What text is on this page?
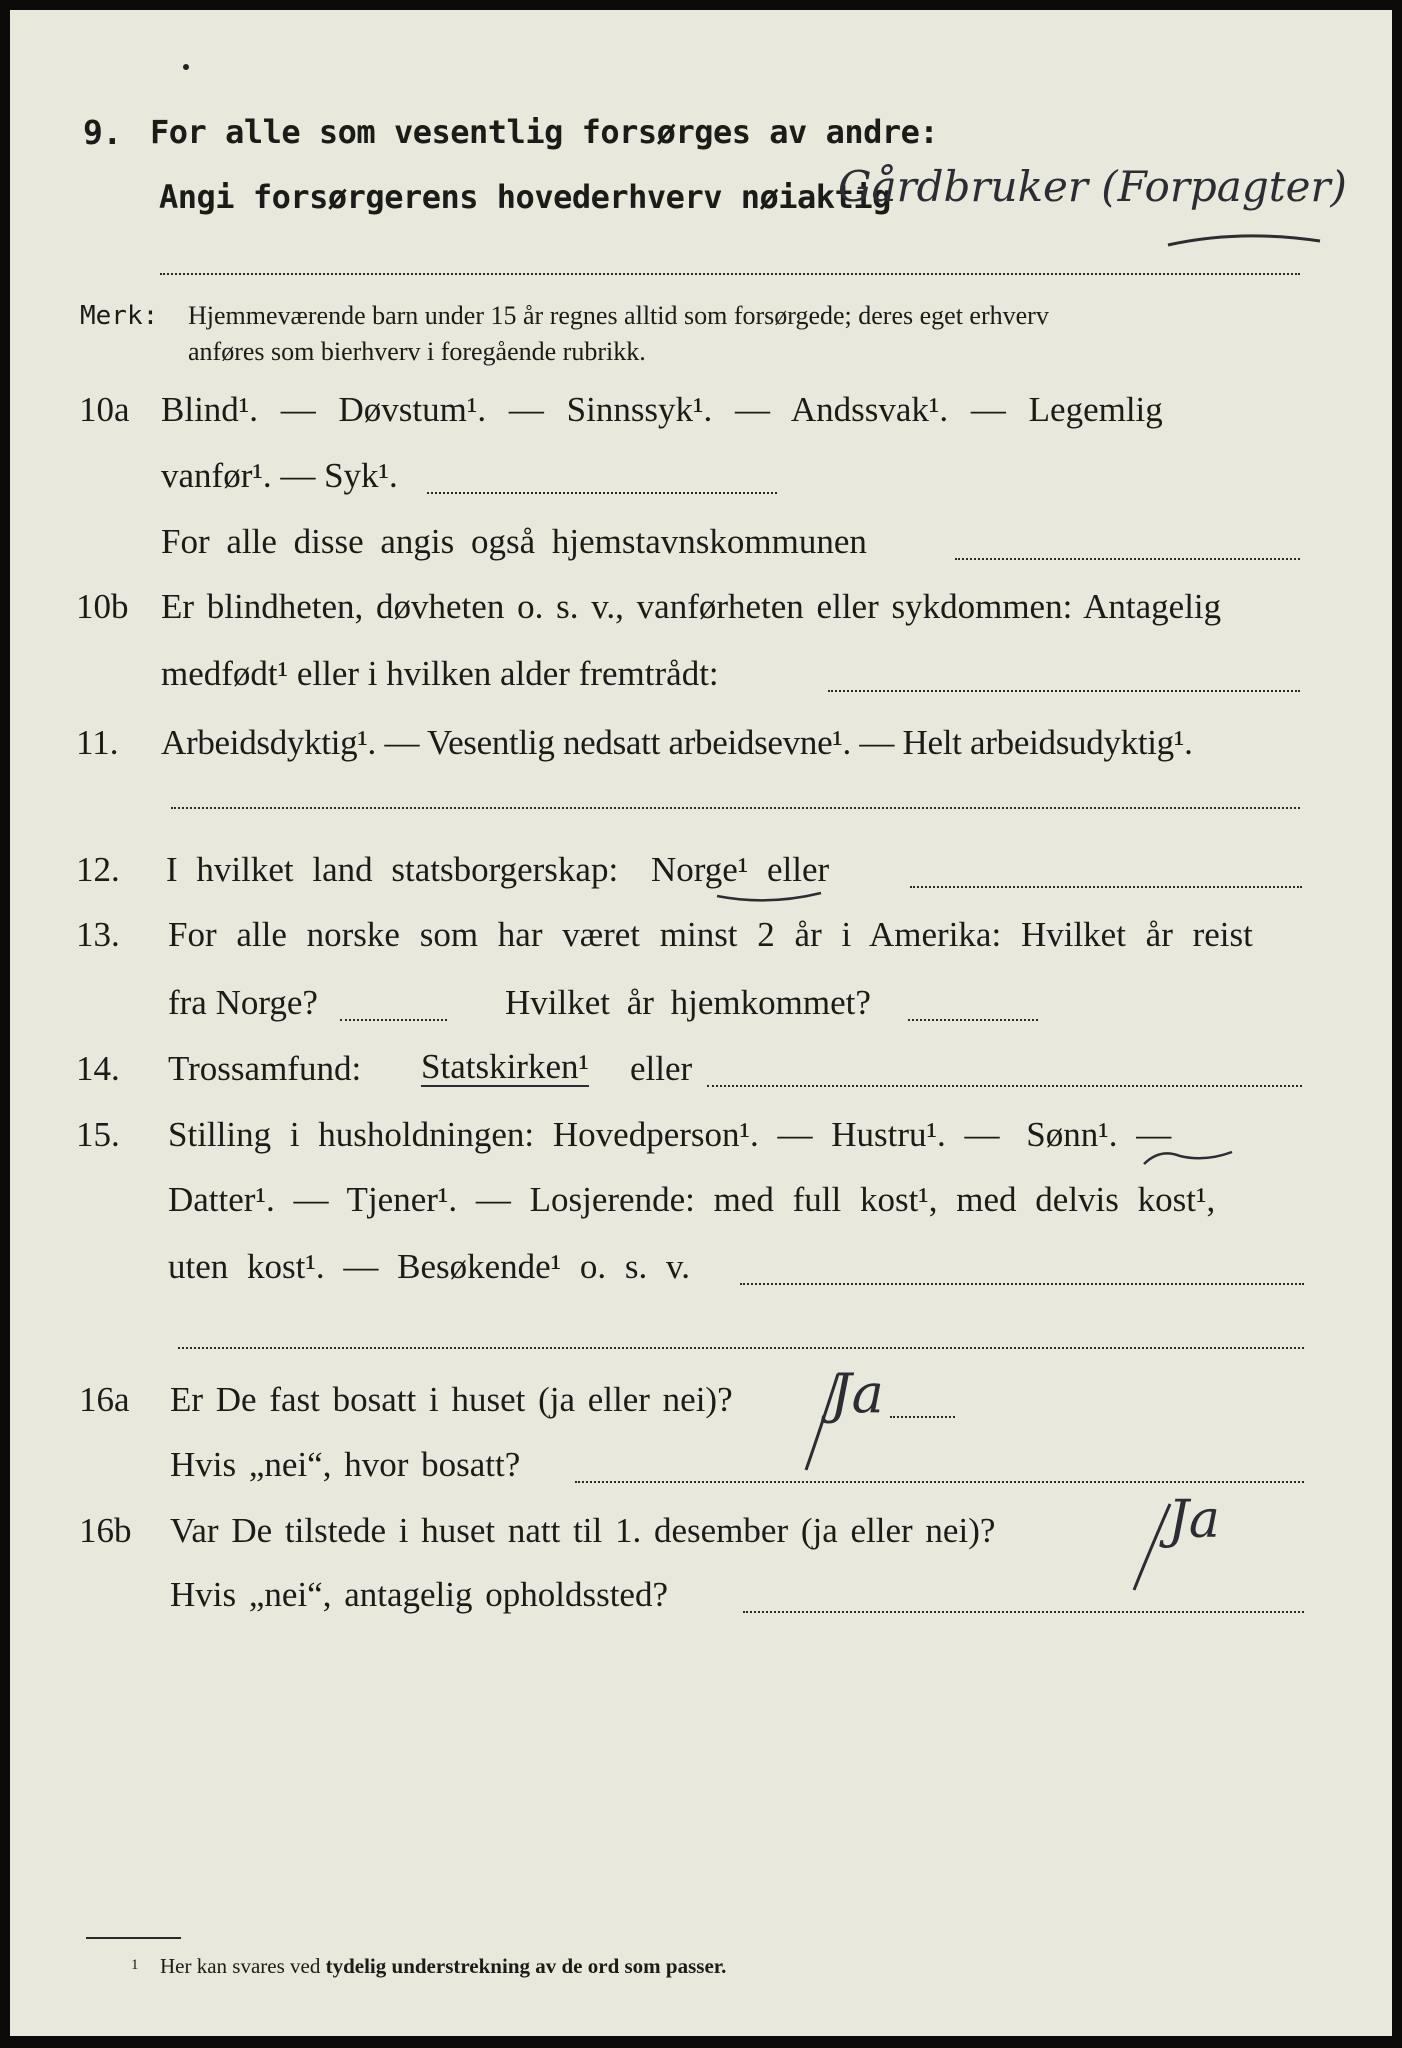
9. For alle som vesentlig forsørges av andre:
Angi forsørgerens hovederhverv nøiaktig
Gårdbruker (Forpagter)
Merk: Hjemmeværende barn under 15 år regnes alltid som forsørgede; deres eget erhverv
anføres som bierhverv i foregående rubrikk.
10a Blind¹. — Døvstum¹. — Sinnssyk¹. — Andssvak¹. — Legemlig
vanfør¹. — Syk¹.
For alle disse angis også hjemstavnskommunen
10b Er blindheten, døvheten o. s. v., vanførheten eller sykdommen: Antagelig
medfødt¹ eller i hvilken alder fremtrådt:
11. Arbeidsdyktig¹. — Vesentlig nedsatt arbeidsevne¹. — Helt arbeidsudyktig¹.
12. I hvilket land statsborgerskap: Norge¹ eller
13. For alle norske som har været minst 2 år i Amerika: Hvilket år reist
fra Norge?	Hvilket år hjemkommet?
14. Trossamfund: Statskirken¹ eller
15. Stilling i husholdningen: Hovedperson¹. — Hustru¹. — Sønn¹. —
Datter¹. — Tjener¹. — Losjerende: med full kost¹, med delvis kost¹,
uten kost¹. — Besøkende¹ o. s. v.
16a Er De fast bosatt i huset (ja eller nei)? Ja
Hvis „nei“, hvor bosatt?
16b Var De tilstede i huset natt til 1. desember (ja eller nei)?	Ja
Hvis „nei“, antagelig opholdssted?
1 Her kan svares ved tydelig understrekning av de ord som passer.
